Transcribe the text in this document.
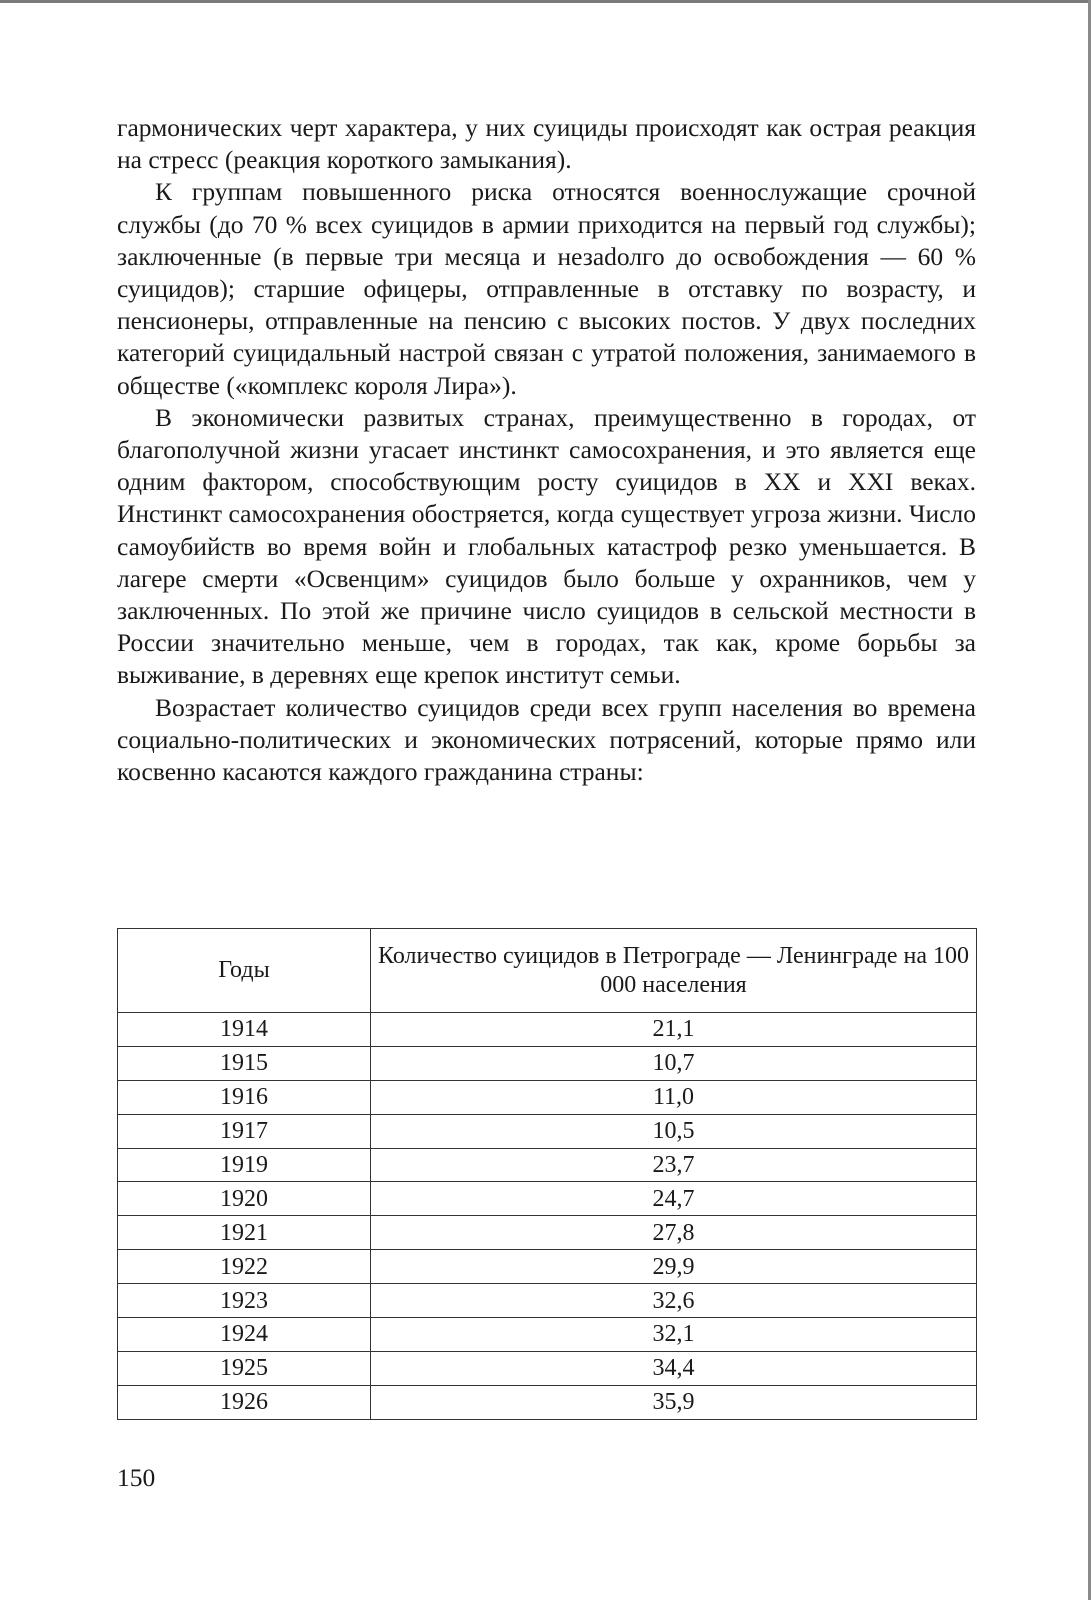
гармонических черт характера, у них суициды происходят как острая реакция на стресс (реакция короткого замыкания).

К группам повышенного риска относятся военнослужащие срочной службы (до 70 % всех суицидов в армии приходится на первый год службы); заключенные (в первые три месяца и незаdолго до освобождения — 60 % суицидов); старшие офицеры, отправленные в отставку по возрасту, и пенсионеры, отправленные на пенсию с высоких постов. У двух последних категорий суицидальный настрой связан с утратой положения, занимаемого в обществе («комплекс короля Лира»).

В экономически развитых странах, преимущественно в городах, от благополучной жизни угасает инстинкт самосохранения, и это является еще одним фактором, способствующим росту суицидов в XX и XXI веках. Инстинкт самосохранения обостряется, когда существует угроза жизни. Число самоубийств во время войн и глобальных катастроф резко уменьшается. В лагере смерти «Освенцим» суицидов было больше у охранников, чем у заключенных. По этой же причине число суицидов в сельской местности в России значительно меньше, чем в городах, так как, кроме борьбы за выживание, в деревнях еще крепок институт семьи.

Возрастает количество суицидов среди всех групп населения во времена социально-политических и экономических потрясений, которые прямо или косвенно касаются каждого гражданина страны:

Годы	Количество суицидов в Петрограде — Ленинграде на 100 000 населения
1914	21,1
1915	10,7
1916	11,0
1917	10,5
1919	23,7
1920	24,7
1921	27,8
1922	29,9
1923	32,6
1924	32,1
1925	34,4
1926	35,9
150
